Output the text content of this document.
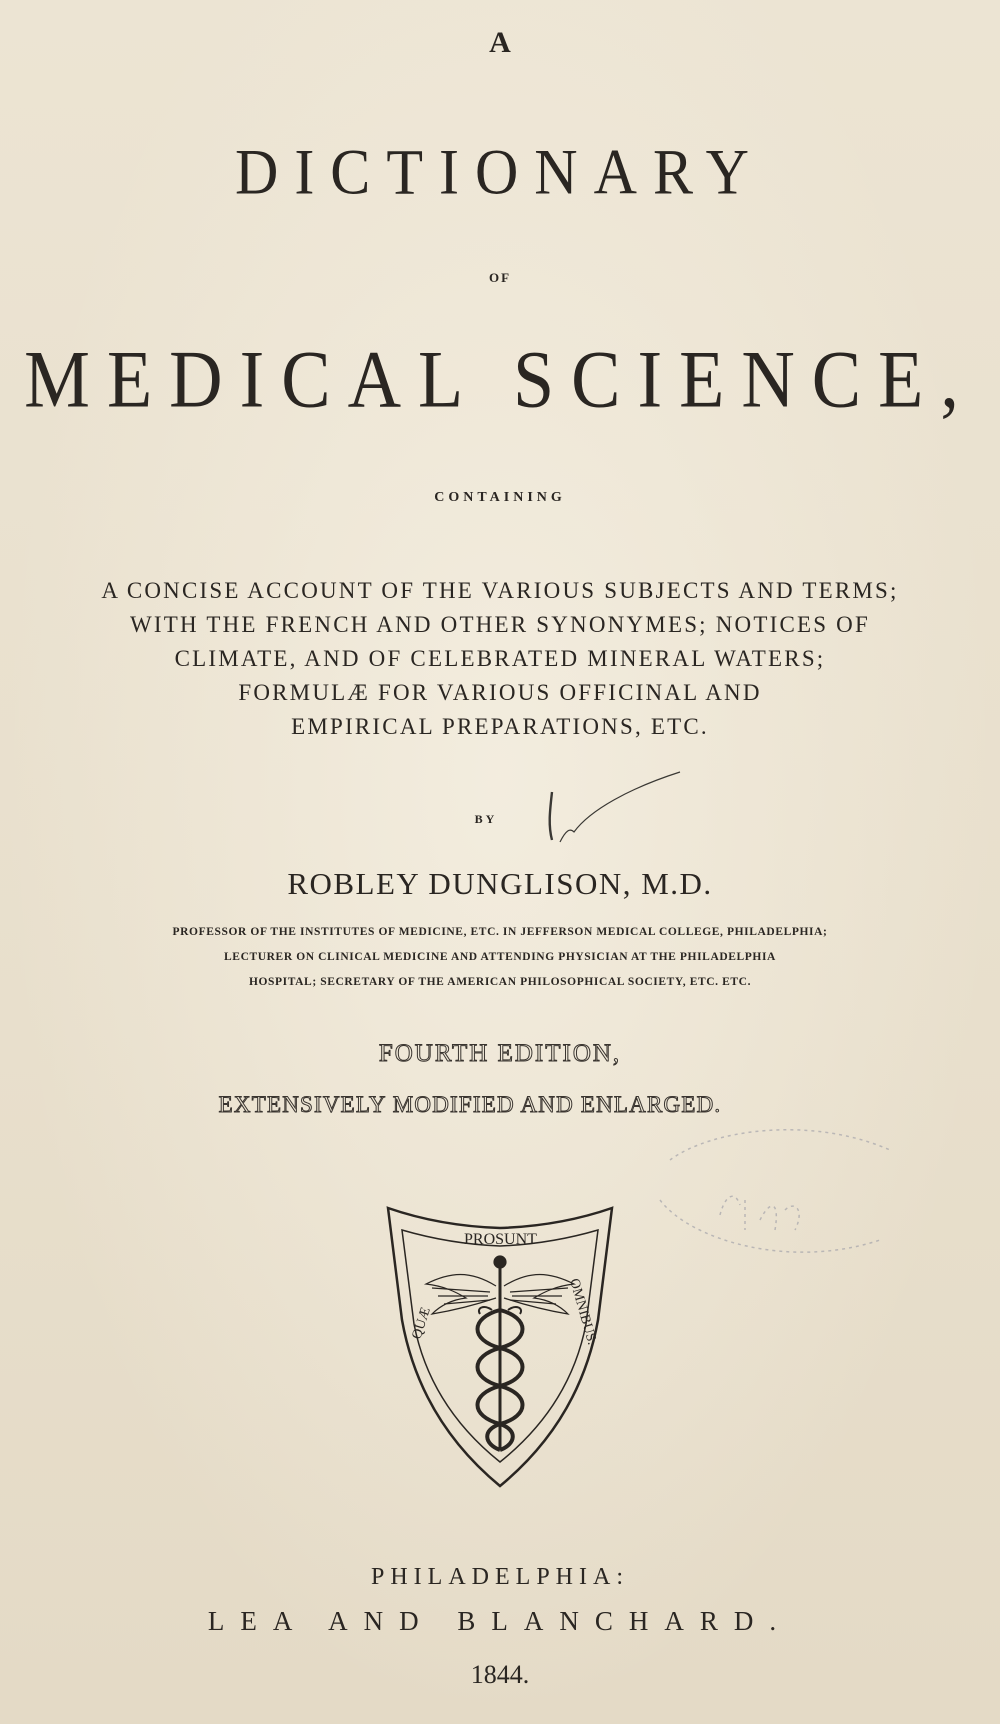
A
DICTIONARY
OF
MEDICAL SCIENCE,
CONTAINING
A CONCISE ACCOUNT OF THE VARIOUS SUBJECTS AND TERMS;
WITH THE FRENCH AND OTHER SYNONYMES; NOTICES OF
CLIMATE, AND OF CELEBRATED MINERAL WATERS;
FORMULÆ FOR VARIOUS OFFICINAL AND
EMPIRICAL PREPARATIONS, ETC.
BY
ROBLEY DUNGLISON, M.D.
PROFESSOR OF THE INSTITUTES OF MEDICINE, ETC. IN JEFFERSON MEDICAL COLLEGE, PHILADELPHIA;
LECTURER ON CLINICAL MEDICINE AND ATTENDING PHYSICIAN AT THE PHILADELPHIA
HOSPITAL; SECRETARY OF THE AMERICAN PHILOSOPHICAL SOCIETY, ETC. ETC.
FOURTH EDITION,
EXTENSIVELY MODIFIED AND ENLARGED.
PROSUNT
QUÆ	OMNIBUS.
PHILADELPHIA:
LEA AND BLANCHARD.
1844.
